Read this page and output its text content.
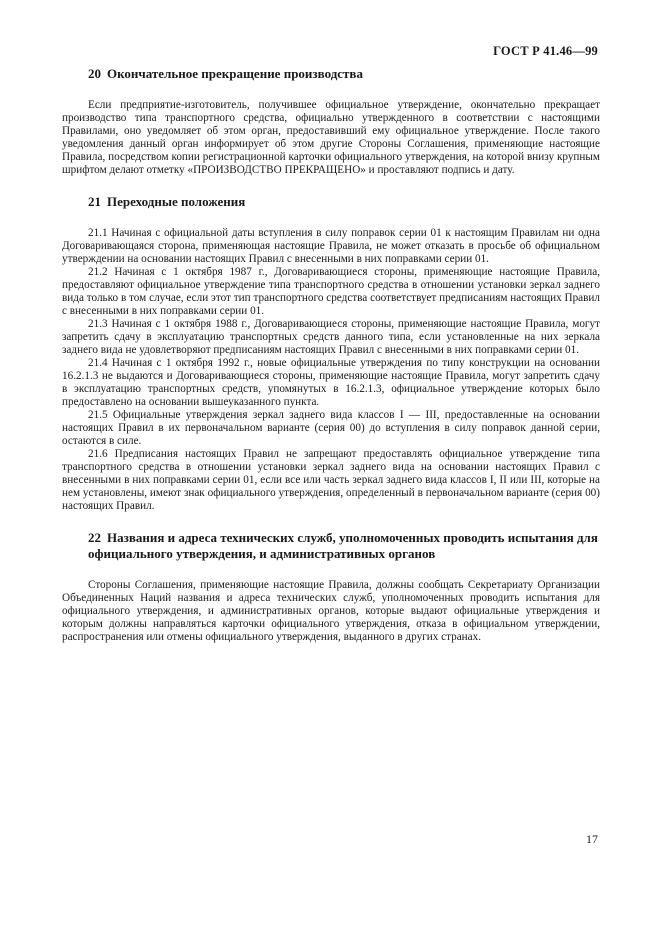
ГОСТ Р 41.46—99
20 Окончательное прекращение производства

Если предприятие-изготовитель, получившее официальное утверждение, окончательно прекращает производство типа транспортного средства, официально утвержденного в соответствии с настоящими Правилами, оно уведомляет об этом орган, предоставивший ему официальное утверждение. После такого уведомления данный орган информирует об этом другие Стороны Соглашения, применяющие настоящие Правила, посредством копии регистрационной карточки официального утверждения, на которой внизу крупным шрифтом делают отметку «ПРОИЗВОДСТВО ПРЕКРАЩЕНО» и проставляют подпись и дату.

21 Переходные положения

21.1 Начиная с официальной даты вступления в силу поправок серии 01 к настоящим Правилам ни одна Договаривающаяся сторона, применяющая настоящие Правила, не может отказать в просьбе об официальном утверждении на основании настоящих Правил с внесенными в них поправками серии 01.

21.2 Начиная с 1 октября 1987 г., Договаривающиеся стороны, применяющие настоящие Правила, предоставляют официальное утверждение типа транспортного средства в отношении установки зеркал заднего вида только в том случае, если этот тип транспортного средства соответствует предписаниям настоящих Правил с внесенными в них поправками серии 01.

21.3 Начиная с 1 октября 1988 г., Договаривающиеся стороны, применяющие настоящие Правила, могут запретить сдачу в эксплуатацию транспортных средств данного типа, если установленные на них зеркала заднего вида не удовлетворяют предписаниям настоящих Правил с внесенными в них поправками серии 01.

21.4 Начиная с 1 октября 1992 г., новые официальные утверждения по типу конструкции на основании 16.2.1.3 не выдаются и Договаривающиеся стороны, применяющие настоящие Правила, могут запретить сдачу в эксплуатацию транспортных средств, упомянутых в 16.2.1.3, официальное утверждение которых было предоставлено на основании вышеуказанного пункта.

21.5 Официальные утверждения зеркал заднего вида классов I — III, предоставленные на основании настоящих Правил в их первоначальном варианте (серия 00) до вступления в силу поправок данной серии, остаются в силе.

21.6 Предписания настоящих Правил не запрещают предоставлять официальное утверждение типа транспортного средства в отношении установки зеркал заднего вида на основании настоящих Правил с внесенными в них поправками серии 01, если все или часть зеркал заднего вида классов I, II или III, которые на нем установлены, имеют знак официального утверждения, определенный в первоначальном варианте (серия 00) настоящих Правил.

22 Названия и адреса технических служб, уполномоченных проводить испытания для официального утверждения, и административных органов

Стороны Соглашения, применяющие настоящие Правила, должны сообщать Секретариату Организации Объединенных Наций названия и адреса технических служб, уполномоченных проводить испытания для официального утверждения, и административных органов, которые выдают официальные утверждения и которым должны направляться карточки официального утверждения, отказа в официальном утверждении, распространения или отмены официального утверждения, выданного в других странах.

17
